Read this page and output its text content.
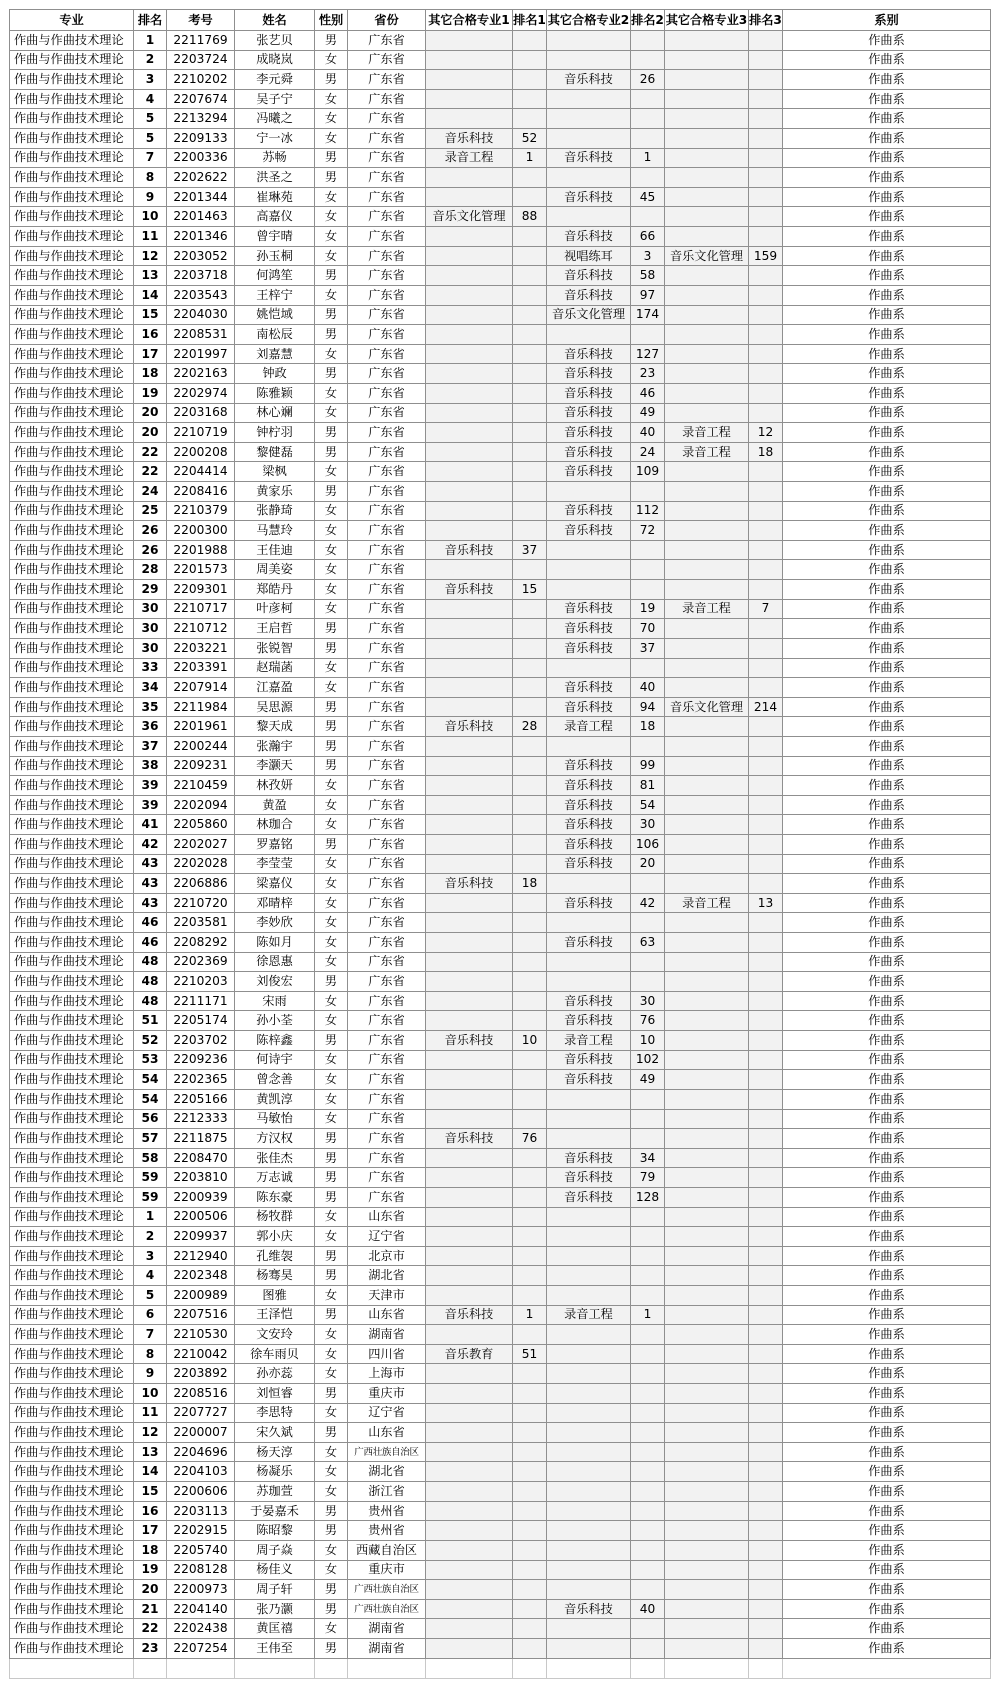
专业	排名	考号	姓名	性别	省份	其它合格专业1	排名1	其它合格专业2	排名2	其它合格专业3	排名3	系别
作曲与作曲技术理论	1	2211769	张艺贝	男	广东省							作曲系
作曲与作曲技术理论	2	2203724	成晓岚	女	广东省							作曲系
作曲与作曲技术理论	3	2210202	李元舜	男	广东省			音乐科技	26			作曲系
作曲与作曲技术理论	4	2207674	吴子宁	女	广东省							作曲系
作曲与作曲技术理论	5	2213294	冯曦之	女	广东省							作曲系
作曲与作曲技术理论	5	2209133	宁一冰	女	广东省	音乐科技	52					作曲系
作曲与作曲技术理论	7	2200336	苏畅	男	广东省	录音工程	1	音乐科技	1			作曲系
作曲与作曲技术理论	8	2202622	洪圣之	男	广东省							作曲系
作曲与作曲技术理论	9	2201344	崔琳苑	女	广东省			音乐科技	45			作曲系
作曲与作曲技术理论	10	2201463	高嘉仪	女	广东省	音乐文化管理	88					作曲系
作曲与作曲技术理论	11	2201346	曾宇晴	女	广东省			音乐科技	66			作曲系
作曲与作曲技术理论	12	2203052	孙玉桐	女	广东省			视唱练耳	3	音乐文化管理	159	作曲系
作曲与作曲技术理论	13	2203718	何鸿笙	男	广东省			音乐科技	58			作曲系
作曲与作曲技术理论	14	2203543	王梓宁	女	广东省			音乐科技	97			作曲系
作曲与作曲技术理论	15	2204030	姚恺域	男	广东省			音乐文化管理	174			作曲系
作曲与作曲技术理论	16	2208531	南松辰	男	广东省							作曲系
作曲与作曲技术理论	17	2201997	刘嘉慧	女	广东省			音乐科技	127			作曲系
作曲与作曲技术理论	18	2202163	钟政	男	广东省			音乐科技	23			作曲系
作曲与作曲技术理论	19	2202974	陈雅颖	女	广东省			音乐科技	46			作曲系
作曲与作曲技术理论	20	2203168	林心斓	女	广东省			音乐科技	49			作曲系
作曲与作曲技术理论	20	2210719	钟柠羽	男	广东省			音乐科技	40	录音工程	12	作曲系
作曲与作曲技术理论	22	2200208	黎健磊	男	广东省			音乐科技	24	录音工程	18	作曲系
作曲与作曲技术理论	22	2204414	梁枫	女	广东省			音乐科技	109			作曲系
作曲与作曲技术理论	24	2208416	黄家乐	男	广东省							作曲系
作曲与作曲技术理论	25	2210379	张静琦	女	广东省			音乐科技	112			作曲系
作曲与作曲技术理论	26	2200300	马慧玲	女	广东省			音乐科技	72			作曲系
作曲与作曲技术理论	26	2201988	王佳迪	女	广东省	音乐科技	37					作曲系
作曲与作曲技术理论	28	2201573	周美姿	女	广东省							作曲系
作曲与作曲技术理论	29	2209301	郑皓丹	女	广东省	音乐科技	15					作曲系
作曲与作曲技术理论	30	2210717	叶彦柯	女	广东省			音乐科技	19	录音工程	7	作曲系
作曲与作曲技术理论	30	2210712	王启哲	男	广东省			音乐科技	70			作曲系
作曲与作曲技术理论	30	2203221	张锐智	男	广东省			音乐科技	37			作曲系
作曲与作曲技术理论	33	2203391	赵瑞菡	女	广东省							作曲系
作曲与作曲技术理论	34	2207914	江嘉盈	女	广东省			音乐科技	40			作曲系
作曲与作曲技术理论	35	2211984	吴思源	男	广东省			音乐科技	94	音乐文化管理	214	作曲系
作曲与作曲技术理论	36	2201961	黎天成	男	广东省	音乐科技	28	录音工程	18			作曲系
作曲与作曲技术理论	37	2200244	张瀚宇	男	广东省							作曲系
作曲与作曲技术理论	38	2209231	李灏天	男	广东省			音乐科技	99			作曲系
作曲与作曲技术理论	39	2210459	林孜妍	女	广东省			音乐科技	81			作曲系
作曲与作曲技术理论	39	2202094	黄盈	女	广东省			音乐科技	54			作曲系
作曲与作曲技术理论	41	2205860	林珈合	女	广东省			音乐科技	30			作曲系
作曲与作曲技术理论	42	2202027	罗嘉铭	男	广东省			音乐科技	106			作曲系
作曲与作曲技术理论	43	2202028	李莹莹	女	广东省			音乐科技	20			作曲系
作曲与作曲技术理论	43	2206886	梁嘉仪	女	广东省	音乐科技	18					作曲系
作曲与作曲技术理论	43	2210720	邓晴梓	女	广东省			音乐科技	42	录音工程	13	作曲系
作曲与作曲技术理论	46	2203581	李妙欣	女	广东省							作曲系
作曲与作曲技术理论	46	2208292	陈如月	女	广东省			音乐科技	63			作曲系
作曲与作曲技术理论	48	2202369	徐恩惠	女	广东省							作曲系
作曲与作曲技术理论	48	2210203	刘俊宏	男	广东省							作曲系
作曲与作曲技术理论	48	2211171	宋雨	女	广东省			音乐科技	30			作曲系
作曲与作曲技术理论	51	2205174	孙小荃	女	广东省			音乐科技	76			作曲系
作曲与作曲技术理论	52	2203702	陈梓鑫	男	广东省	音乐科技	10	录音工程	10			作曲系
作曲与作曲技术理论	53	2209236	何诗宇	女	广东省			音乐科技	102			作曲系
作曲与作曲技术理论	54	2202365	曾念善	女	广东省			音乐科技	49			作曲系
作曲与作曲技术理论	54	2205166	黄凯淳	女	广东省							作曲系
作曲与作曲技术理论	56	2212333	马敏怡	女	广东省							作曲系
作曲与作曲技术理论	57	2211875	方汉权	男	广东省	音乐科技	76					作曲系
作曲与作曲技术理论	58	2208470	张佳杰	男	广东省			音乐科技	34			作曲系
作曲与作曲技术理论	59	2203810	万志诚	男	广东省			音乐科技	79			作曲系
作曲与作曲技术理论	59	2200939	陈东豪	男	广东省			音乐科技	128			作曲系
作曲与作曲技术理论	1	2200506	杨牧群	女	山东省							作曲系
作曲与作曲技术理论	2	2209937	郭小庆	女	辽宁省							作曲系
作曲与作曲技术理论	3	2212940	孔维袈	男	北京市							作曲系
作曲与作曲技术理论	4	2202348	杨骞昊	男	湖北省							作曲系
作曲与作曲技术理论	5	2200989	图雅	女	天津市							作曲系
作曲与作曲技术理论	6	2207516	王泽恺	男	山东省	音乐科技	1	录音工程	1			作曲系
作曲与作曲技术理论	7	2210530	文安玲	女	湖南省							作曲系
作曲与作曲技术理论	8	2210042	徐车雨贝	女	四川省	音乐教育	51					作曲系
作曲与作曲技术理论	9	2203892	孙亦蕊	女	上海市							作曲系
作曲与作曲技术理论	10	2208516	刘恒睿	男	重庆市							作曲系
作曲与作曲技术理论	11	2207727	李思特	女	辽宁省							作曲系
作曲与作曲技术理论	12	2200007	宋久斌	男	山东省							作曲系
作曲与作曲技术理论	13	2204696	杨天淳	女	广西壮族自治区							作曲系
作曲与作曲技术理论	14	2204103	杨凝乐	女	湖北省							作曲系
作曲与作曲技术理论	15	2200606	苏珈萱	女	浙江省							作曲系
作曲与作曲技术理论	16	2203113	于晏嘉禾	男	贵州省							作曲系
作曲与作曲技术理论	17	2202915	陈昭黎	男	贵州省							作曲系
作曲与作曲技术理论	18	2205740	周子焱	女	西藏自治区							作曲系
作曲与作曲技术理论	19	2208128	杨佳义	女	重庆市							作曲系
作曲与作曲技术理论	20	2200973	周子轩	男	广西壮族自治区							作曲系
作曲与作曲技术理论	21	2204140	张乃灏	男	广西壮族自治区			音乐科技	40			作曲系
作曲与作曲技术理论	22	2202438	黄匡禧	女	湖南省							作曲系
作曲与作曲技术理论	23	2207254	王伟至	男	湖南省							作曲系
